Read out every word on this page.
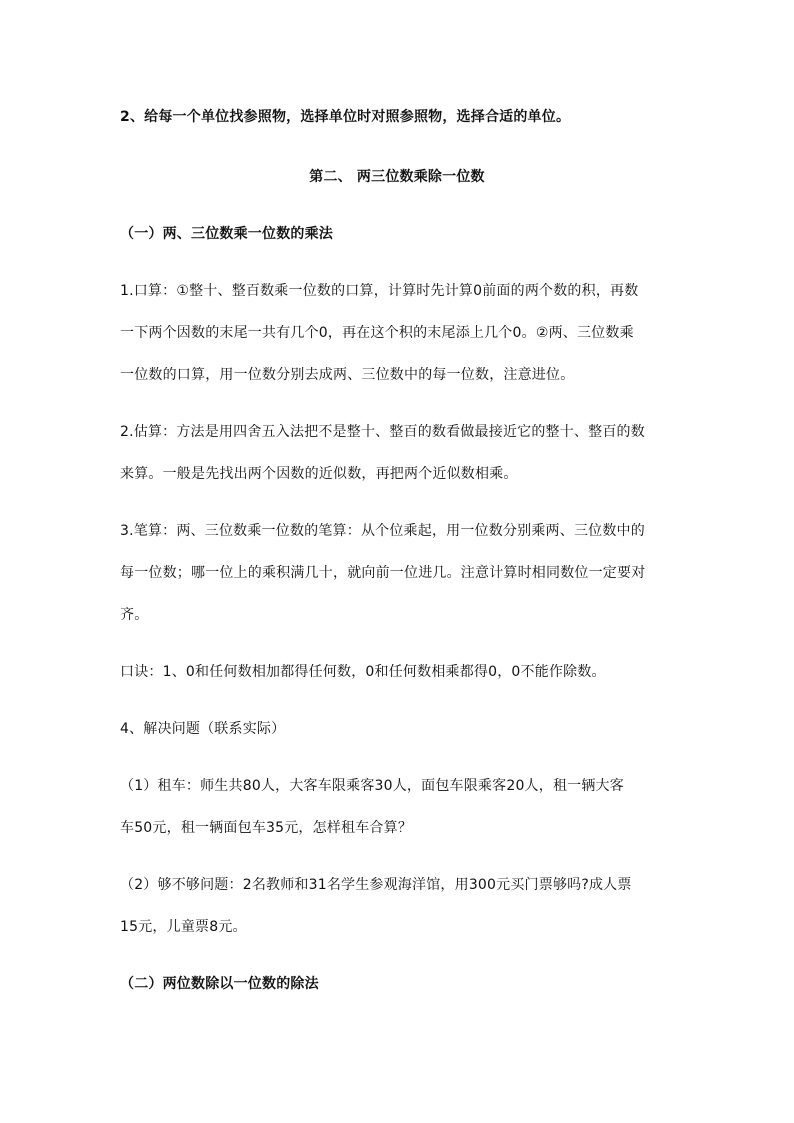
2、给每一个单位找参照物，选择单位时对照参照物，选择合适的单位。
第二、 两三位数乘除一位数
（一）两、三位数乘一位数的乘法
1.口算：①整十、整百数乘一位数的口算，计算时先计算0前面的两个数的积，再数
一下两个因数的末尾一共有几个0，再在这个积的末尾添上几个0。②两、三位数乘
一位数的口算，用一位数分别去成两、三位数中的每一位数，注意进位。
2.估算：方法是用四舍五入法把不是整十、整百的数看做最接近它的整十、整百的数
来算。一般是先找出两个因数的近似数，再把两个近似数相乘。
3.笔算：两、三位数乘一位数的笔算：从个位乘起，用一位数分别乘两、三位数中的
每一位数；哪一位上的乘积满几十，就向前一位进几。注意计算时相同数位一定要对
齐。
口诀：1、0和任何数相加都得任何数，0和任何数相乘都得0，0不能作除数。
4、解决问题（联系实际）
（1）租车：师生共80人，大客车限乘客30人，面包车限乘客20人，租一辆大客
车50元，租一辆面包车35元，怎样租车合算？
（2）够不够问题：2名教师和31名学生参观海洋馆，用300元买门票够吗?成人票
15元，儿童票8元。
（二）两位数除以一位数的除法
